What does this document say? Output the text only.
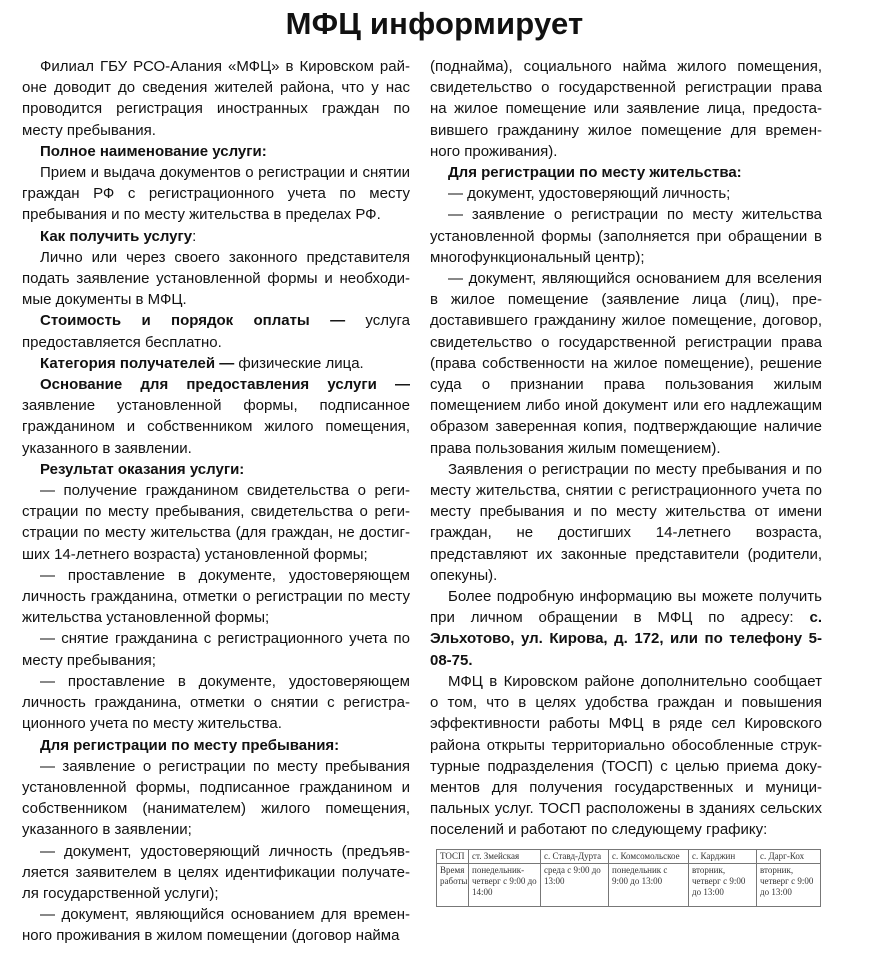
МФЦ информирует

Филиал ГБУ РСО-Алания «МФЦ» в Кировском районе доводит до сведения жителей района, что у нас проводится регистрация иностранных граждан по месту пребывания.

Полное наименование услуги:

Прием и выдача документов о регистрации и снятии граждан РФ с регистрационного учета по месту пребывания и по месту жительства в пределах РФ.

Как получить услугу:

Лично или через своего законного представителя подать заявление установленной формы и необходимые документы в МФЦ.

Стоимость и порядок оплаты — услуга предоставляется бесплатно.

Категория получателей — физические лица.

Основание для предоставления услуги — заявление установленной формы, подписанное гражданином и собственником жилого помещения, указанного в заявлении.

Результат оказания услуги:

— получение гражданином свидетельства о регистрации по месту пребывания, свидетельства о регистрации по месту жительства (для граждан, не достигших 14-летнего возраста) установленной формы;

— проставление в документе, удостоверяющем личность гражданина, отметки о регистрации по месту жительства установленной формы;

— снятие гражданина с регистрационного учета по месту пребывания;

— проставление в документе, удостоверяющем личность гражданина, отметки о снятии с регистрационного учета по месту жительства.

Для регистрации по месту пребывания:

— заявление о регистрации по месту пребывания установленной формы, подписанное гражданином и собственником (нанимателем) жилого помещения, указанного в заявлении;

— документ, удостоверяющий личность (предъявляется заявителем в целях идентификации получателя государственной услуги);

— документ, являющийся основанием для временного проживания в жилом помещении (договор найма

(поднайма), социального найма жилого помещения, свидетельство о государственной регистрации права на жилое помещение или заявление лица, предоставившего гражданину жилое помещение для временного проживания).

Для регистрации по месту жительства:

— документ, удостоверяющий личность;

— заявление о регистрации по месту жительства установленной формы (заполняется при обращении в многофункциональный центр);

— документ, являющийся основанием для вселения в жилое помещение (заявление лица (лиц), предоставившего гражданину жилое помещение, договор, свидетельство о государственной регистрации права (права собственности на жилое помещение), решение суда о признании права пользования жилым помещением либо иной документ или его надлежащим образом заверенная копия, подтверждающие наличие права пользования жилым помещением).

Заявления о регистрации по месту пребывания и по месту жительства, снятии с регистрационного учета по месту пребывания и по месту жительства от имени граждан, не достигших 14-летнего возраста, представляют их законные представители (родители, опекуны).

Более подробную информацию вы можете получить при личном обращении в МФЦ по адресу: с. Эльхотово, ул. Кирова, д. 172, или по телефону 5-08-75.

МФЦ в Кировском районе дополнительно сообщает о том, что в целях удобства граждан и повышения эффективности работы МФЦ в ряде сел Кировского района открыты территориально обособленные структурные подразделения (ТОСП) с целью приема документов для получения государственных и муниципальных услуг. ТОСП расположены в зданиях сельских поселений и работают по следующему графику:

ТОСП	ст. Змейская	с. Ставд-Дурта	с. Комсомольское	с. Карджин	с. Дарг-Кох
Время работы	понедельник-четверг с 9:00 до 14:00	среда с 9:00 до 13:00	понедельник с 9:00 до 13:00	вторник, четверг с 9:00 до 13:00	вторник, четверг с 9:00 до 13:00
